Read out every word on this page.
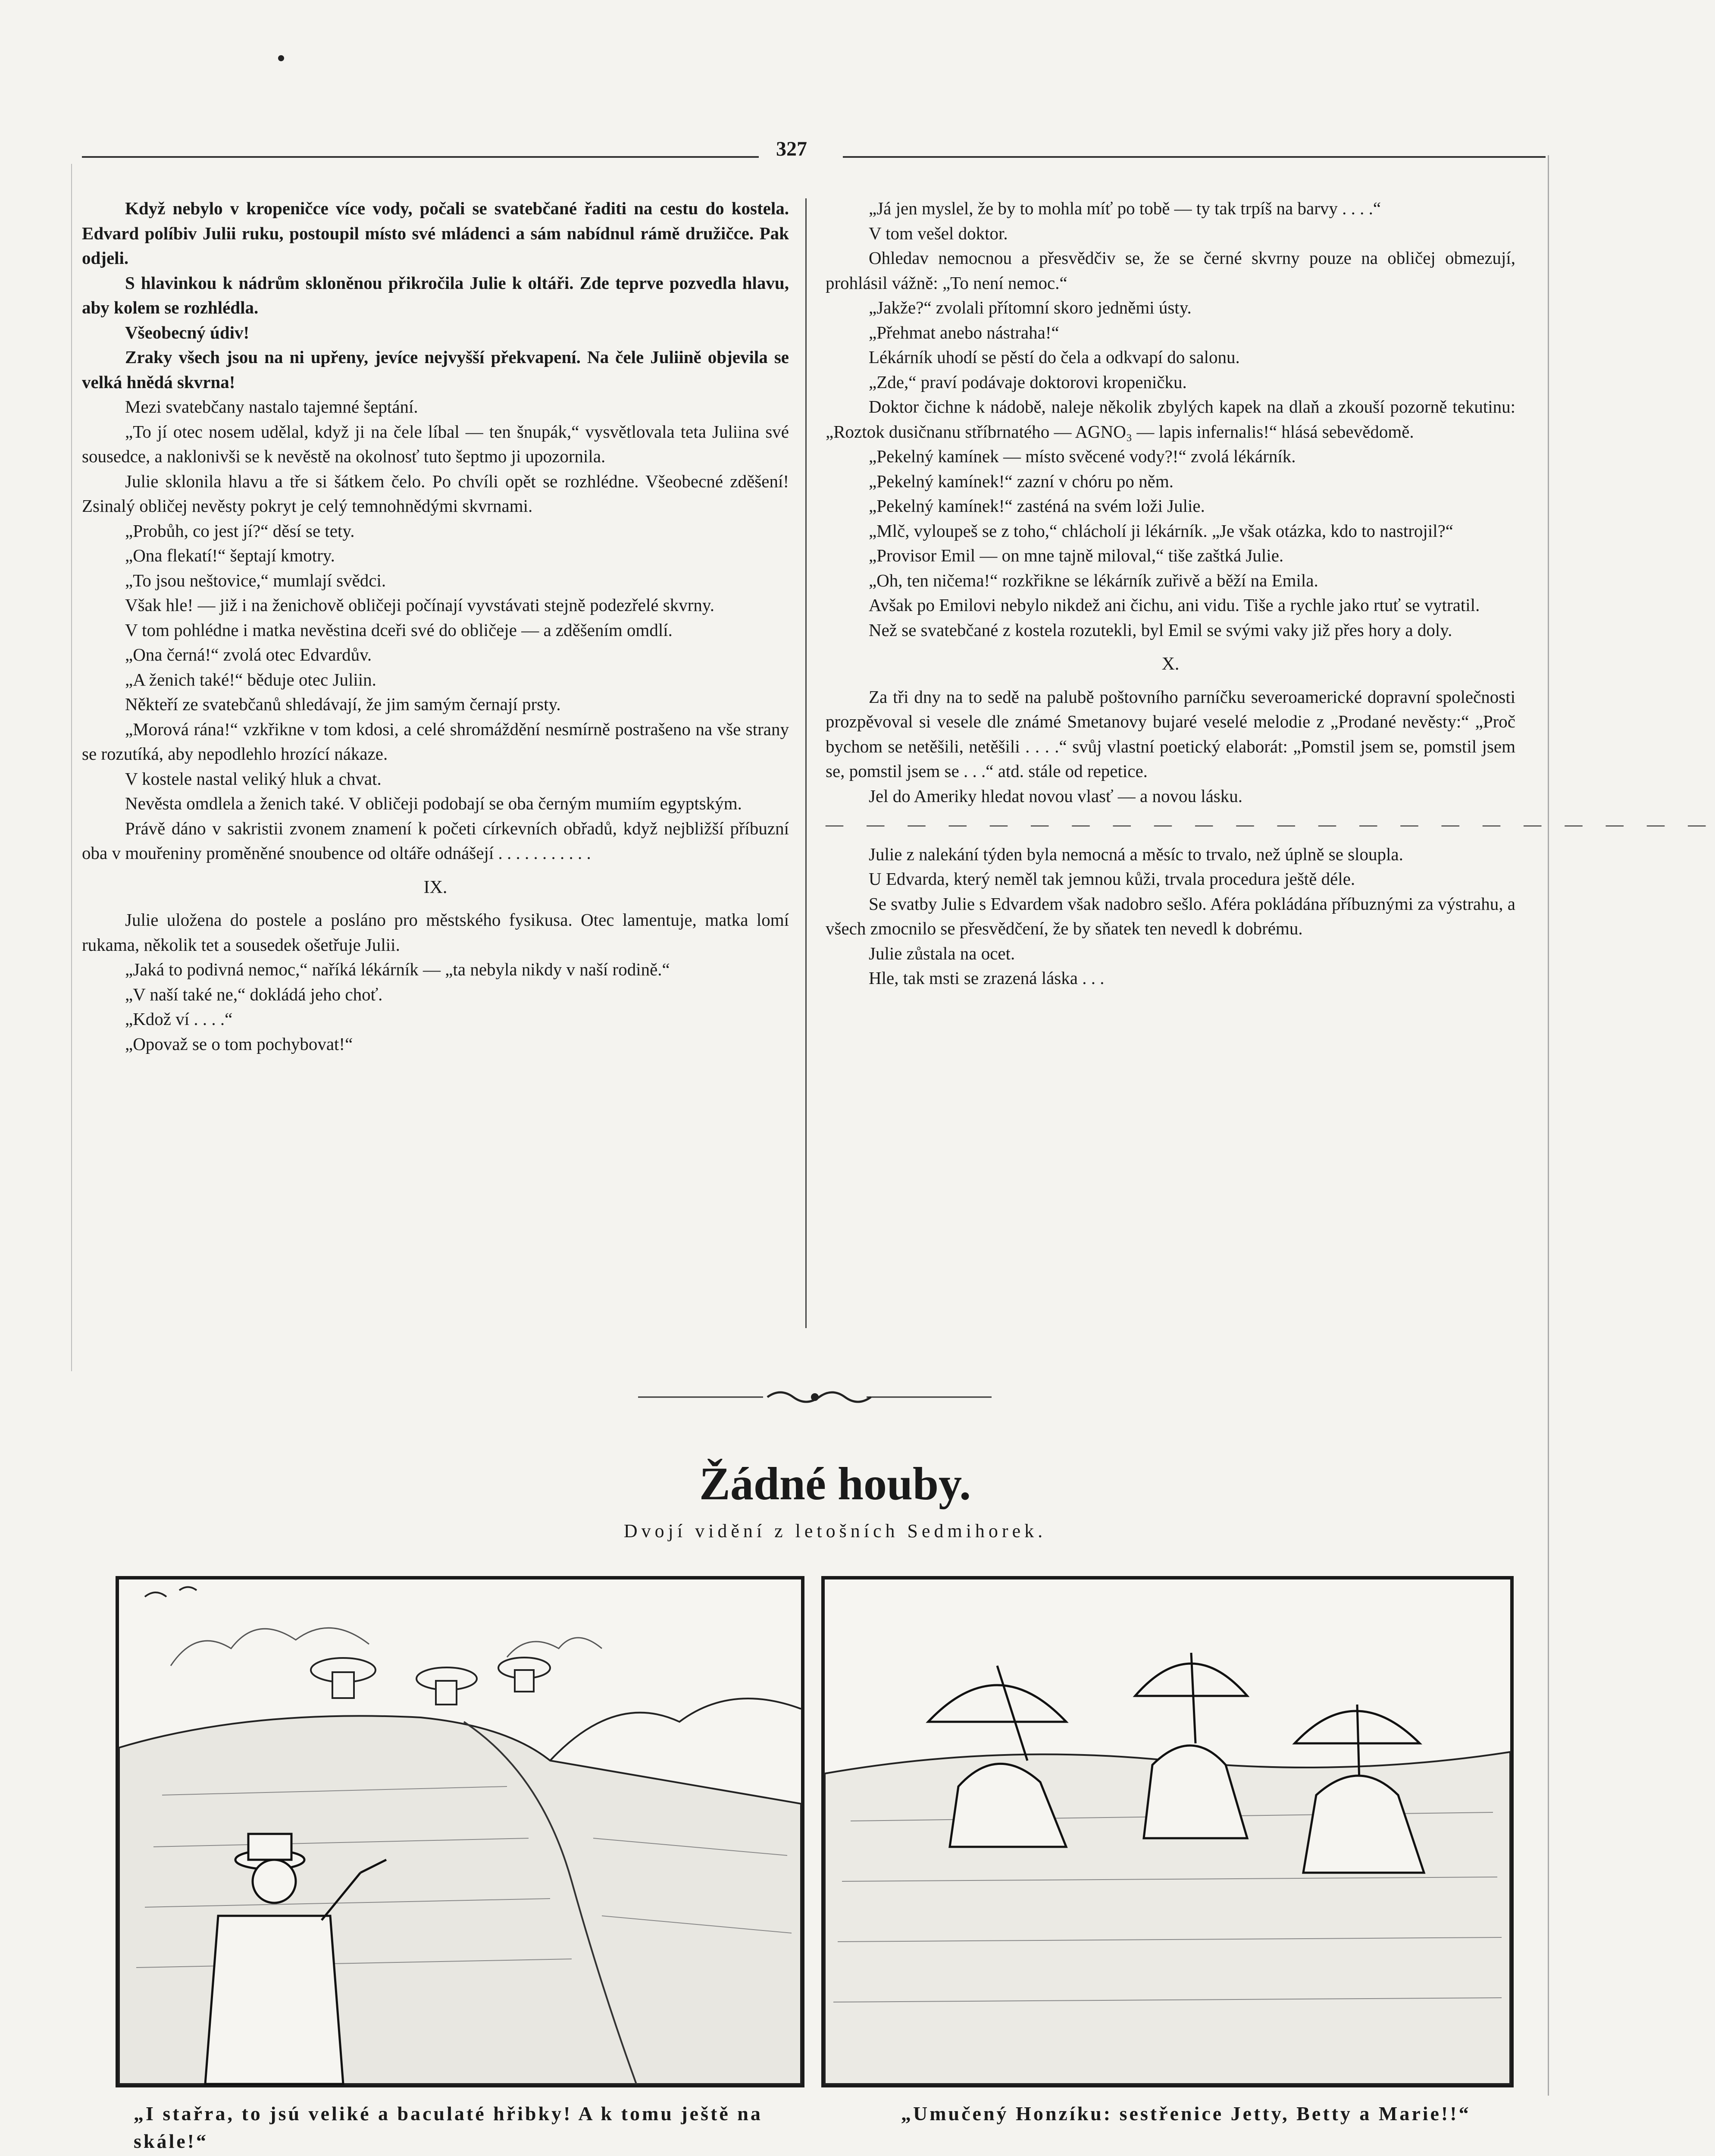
327

Když nebylo v kropeničce více vody, počali se svatebčané řaditi na cestu do kostela. Edvard políbiv Julii ruku, postoupil místo své mládenci a sám nabídnul rámě družičce. Pak odjeli.

S hlavinkou k nádrům skloněnou přikročila Julie k oltáři. Zde teprve pozvedla hlavu, aby kolem se rozhlédla.

Všeobecný údiv!

Zraky všech jsou na ni upřeny, jevíce nejvyšší překvapení. Na čele Juliině objevila se velká hnědá skvrna!

Mezi svatebčany nastalo tajemné šeptání.

„To jí otec nosem udělal, když ji na čele líbal — ten šnupák,“ vysvětlovala teta Juliina své sousedce, a naklonivši se k nevěstě na okolnosť tuto šeptmo ji upozornila.

Julie sklonila hlavu a tře si šátkem čelo. Po chvíli opět se rozhlédne. Všeobecné zděšení! Zsinalý obličej nevěsty pokryt je celý temnohnědými skvrnami.

„Probůh, co jest jí?“ děsí se tety.

„Ona flekatí!“ šeptají kmotry.

„To jsou neštovice,“ mumlají svědci.

Však hle! — již i na ženichově obličeji počínají vyvstávati stejně podezřelé skvrny.

V tom pohlédne i matka nevěstina dceři své do obličeje — a zděšením omdlí.

„Ona černá!“ zvolá otec Edvardův.

„A ženich také!“ běduje otec Juliin.

Někteří ze svatebčanů shledávají, že jim samým černají prsty.

„Morová rána!“ vzkřikne v tom kdosi, a celé shromáždění nesmírně postrašeno na vše strany se rozutíká, aby nepodlehlo hrozící nákaze.

V kostele nastal veliký hluk a chvat.

Nevěsta omdlela a ženich také. V obličeji podobají se oba černým mumiím egyptským.

Právě dáno v sakristii zvonem znamení k početi církevních obřadů, když nejbližší příbuzní oba v mouřeniny proměněné snoubence od oltáře odnášejí . . . . . . . . . . .

IX.

Julie uložena do postele a posláno pro městského fysikusa. Otec lamentuje, matka lomí rukama, několik tet a sousedek ošetřuje Julii.

„Jaká to podivná nemoc,“ naříká lékárník — „ta nebyla nikdy v naší rodině.“

„V naší také ne,“ dokládá jeho choť.

„Kdož ví . . . .“

„Opovaž se o tom pochybovat!“

„Já jen myslel, že by to mohla míť po tobě — ty tak trpíš na barvy . . . .“

V tom vešel doktor.

Ohledav nemocnou a přesvědčiv se, že se černé skvrny pouze na obličej obmezují, prohlásil vážně: „To není nemoc.“

„Jakže?“ zvolali přítomní skoro jedněmi ústy.

„Přehmat anebo nástraha!“

Lékárník uhodí se pěstí do čela a odkvapí do salonu.

„Zde,“ praví podávaje doktorovi kropeničku.

Doktor čichne k nádobě, naleje několik zbylých kapek na dlaň a zkouší pozorně tekutinu: „Roztok dusičnanu stříbrnatého — AGNO₃ — lapis infernalis!“ hlásá sebevědomě.

„Pekelný kamínek — místo svěcené vody?!“ zvolá lékárník.

„Pekelný kamínek!“ zazní v chóru po něm.

„Pekelný kamínek!“ zasténá na svém loži Julie.

„Mlč, vyloupeš se z toho,“ chlácholí ji lékárník. „Je však otázka, kdo to nastrojil?“

„Provisor Emil — on mne tajně miloval,“ tiše zaštká Julie.

„Oh, ten ničema!“ rozkřikne se lékárník zuřivě a běží na Emila.

Avšak po Emilovi nebylo nikdež ani čichu, ani vidu. Tiše a rychle jako rtuť se vytratil.

Než se svatebčané z kostela rozutekli, byl Emil se svými vaky již přes hory a doly.

X.

Za tři dny na to sedě na palubě poštovního parníčku severoamerické dopravní společnosti prozpěvoval si vesele dle známé Smetanovy bujaré veselé melodie z „Prodané nevěsty:“ „Proč bychom se netěšili, netěšili . . . .“ svůj vlastní poetický elaborát: „Pomstil jsem se, pomstil jsem se, pomstil jsem se . . .“ atd. stále od repetice.

Jel do Ameriky hledat novou vlasť — a novou lásku.

— — — — — — — — — — — — — — — — — — — — — —

Julie z nalekání týden byla nemocná a měsíc to trvalo, než úplně se sloupla.

U Edvarda, který neměl tak jemnou kůži, trvala procedura ještě déle.

Se svatby Julie s Edvardem však nadobro sešlo. Aféra pokládána příbuznými za výstrahu, a všech zmocnilo se přesvědčení, že by sňatek ten nevedl k dobrému.

Julie zůstala na ocet.

Hle, tak msti se zrazená láska . . .

Žádné houby.
Dvojí vidění z letošních Sedmihorek.
„I stařra, to jsú veliké a baculaté hřibky! A k tomu ještě na skále!“
„Umučený Honzíku: sestřenice Jetty, Betty a Marie!!“
